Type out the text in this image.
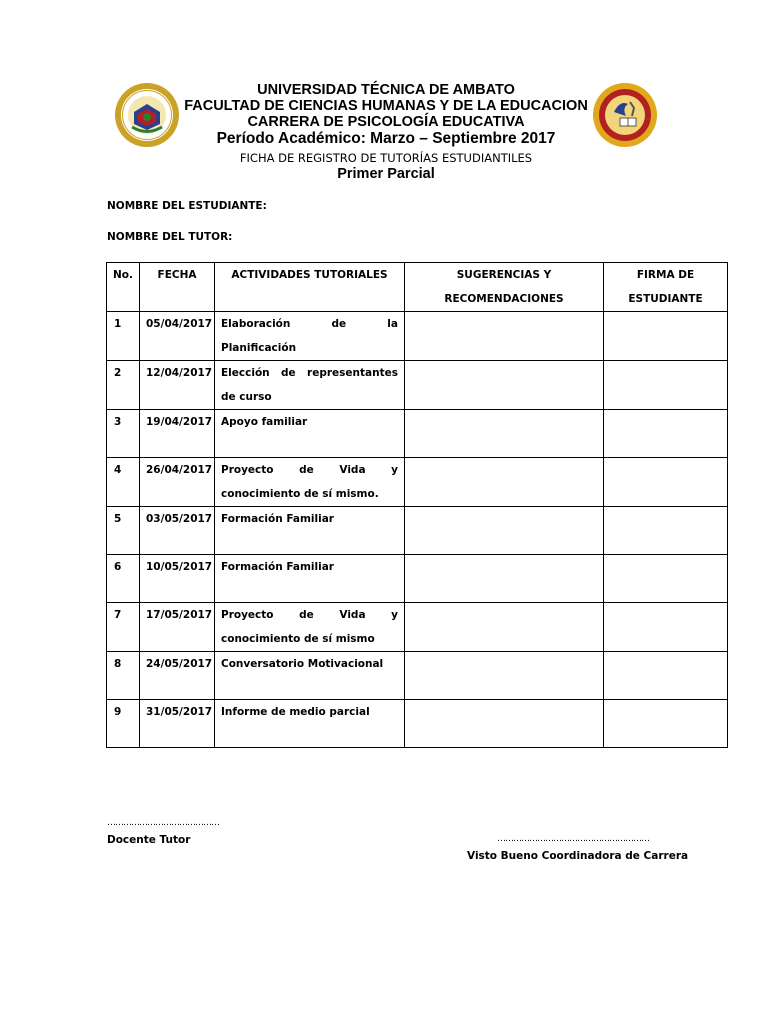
UNIVERSIDAD TÉCNICA DE AMBATO
FACULTAD DE CIENCIAS HUMANAS Y DE LA EDUCACION
CARRERA DE PSICOLOGÍA EDUCATIVA
Período Académico: Marzo – Septiembre 2017
FICHA DE REGISTRO DE TUTORÍAS ESTUDIANTILES
Primer Parcial
NOMBRE DEL ESTUDIANTE:
NOMBRE DEL TUTOR:
No.	FECHA	ACTIVIDADES TUTORIALES	SUGERENCIAS Y RECOMENDACIONES	FIRMA DE ESTUDIANTE
1	05/04/2017	Elaboración de la Planificación		
2	12/04/2017	Elección de representantes de curso		
3	19/04/2017	Apoyo familiar		
4	26/04/2017	Proyecto de Vida y conocimiento de sí mismo.		
5	03/05/2017	Formación Familiar		
6	10/05/2017	Formación Familiar		
7	17/05/2017	Proyecto de Vida y conocimiento de sí mismo		
8	24/05/2017	Conversatorio Motivacional		
9	31/05/2017	Informe de medio parcial		
……………………………………
Docente Tutor	…………………………………………………
Visto Bueno Coordinadora de Carrera
